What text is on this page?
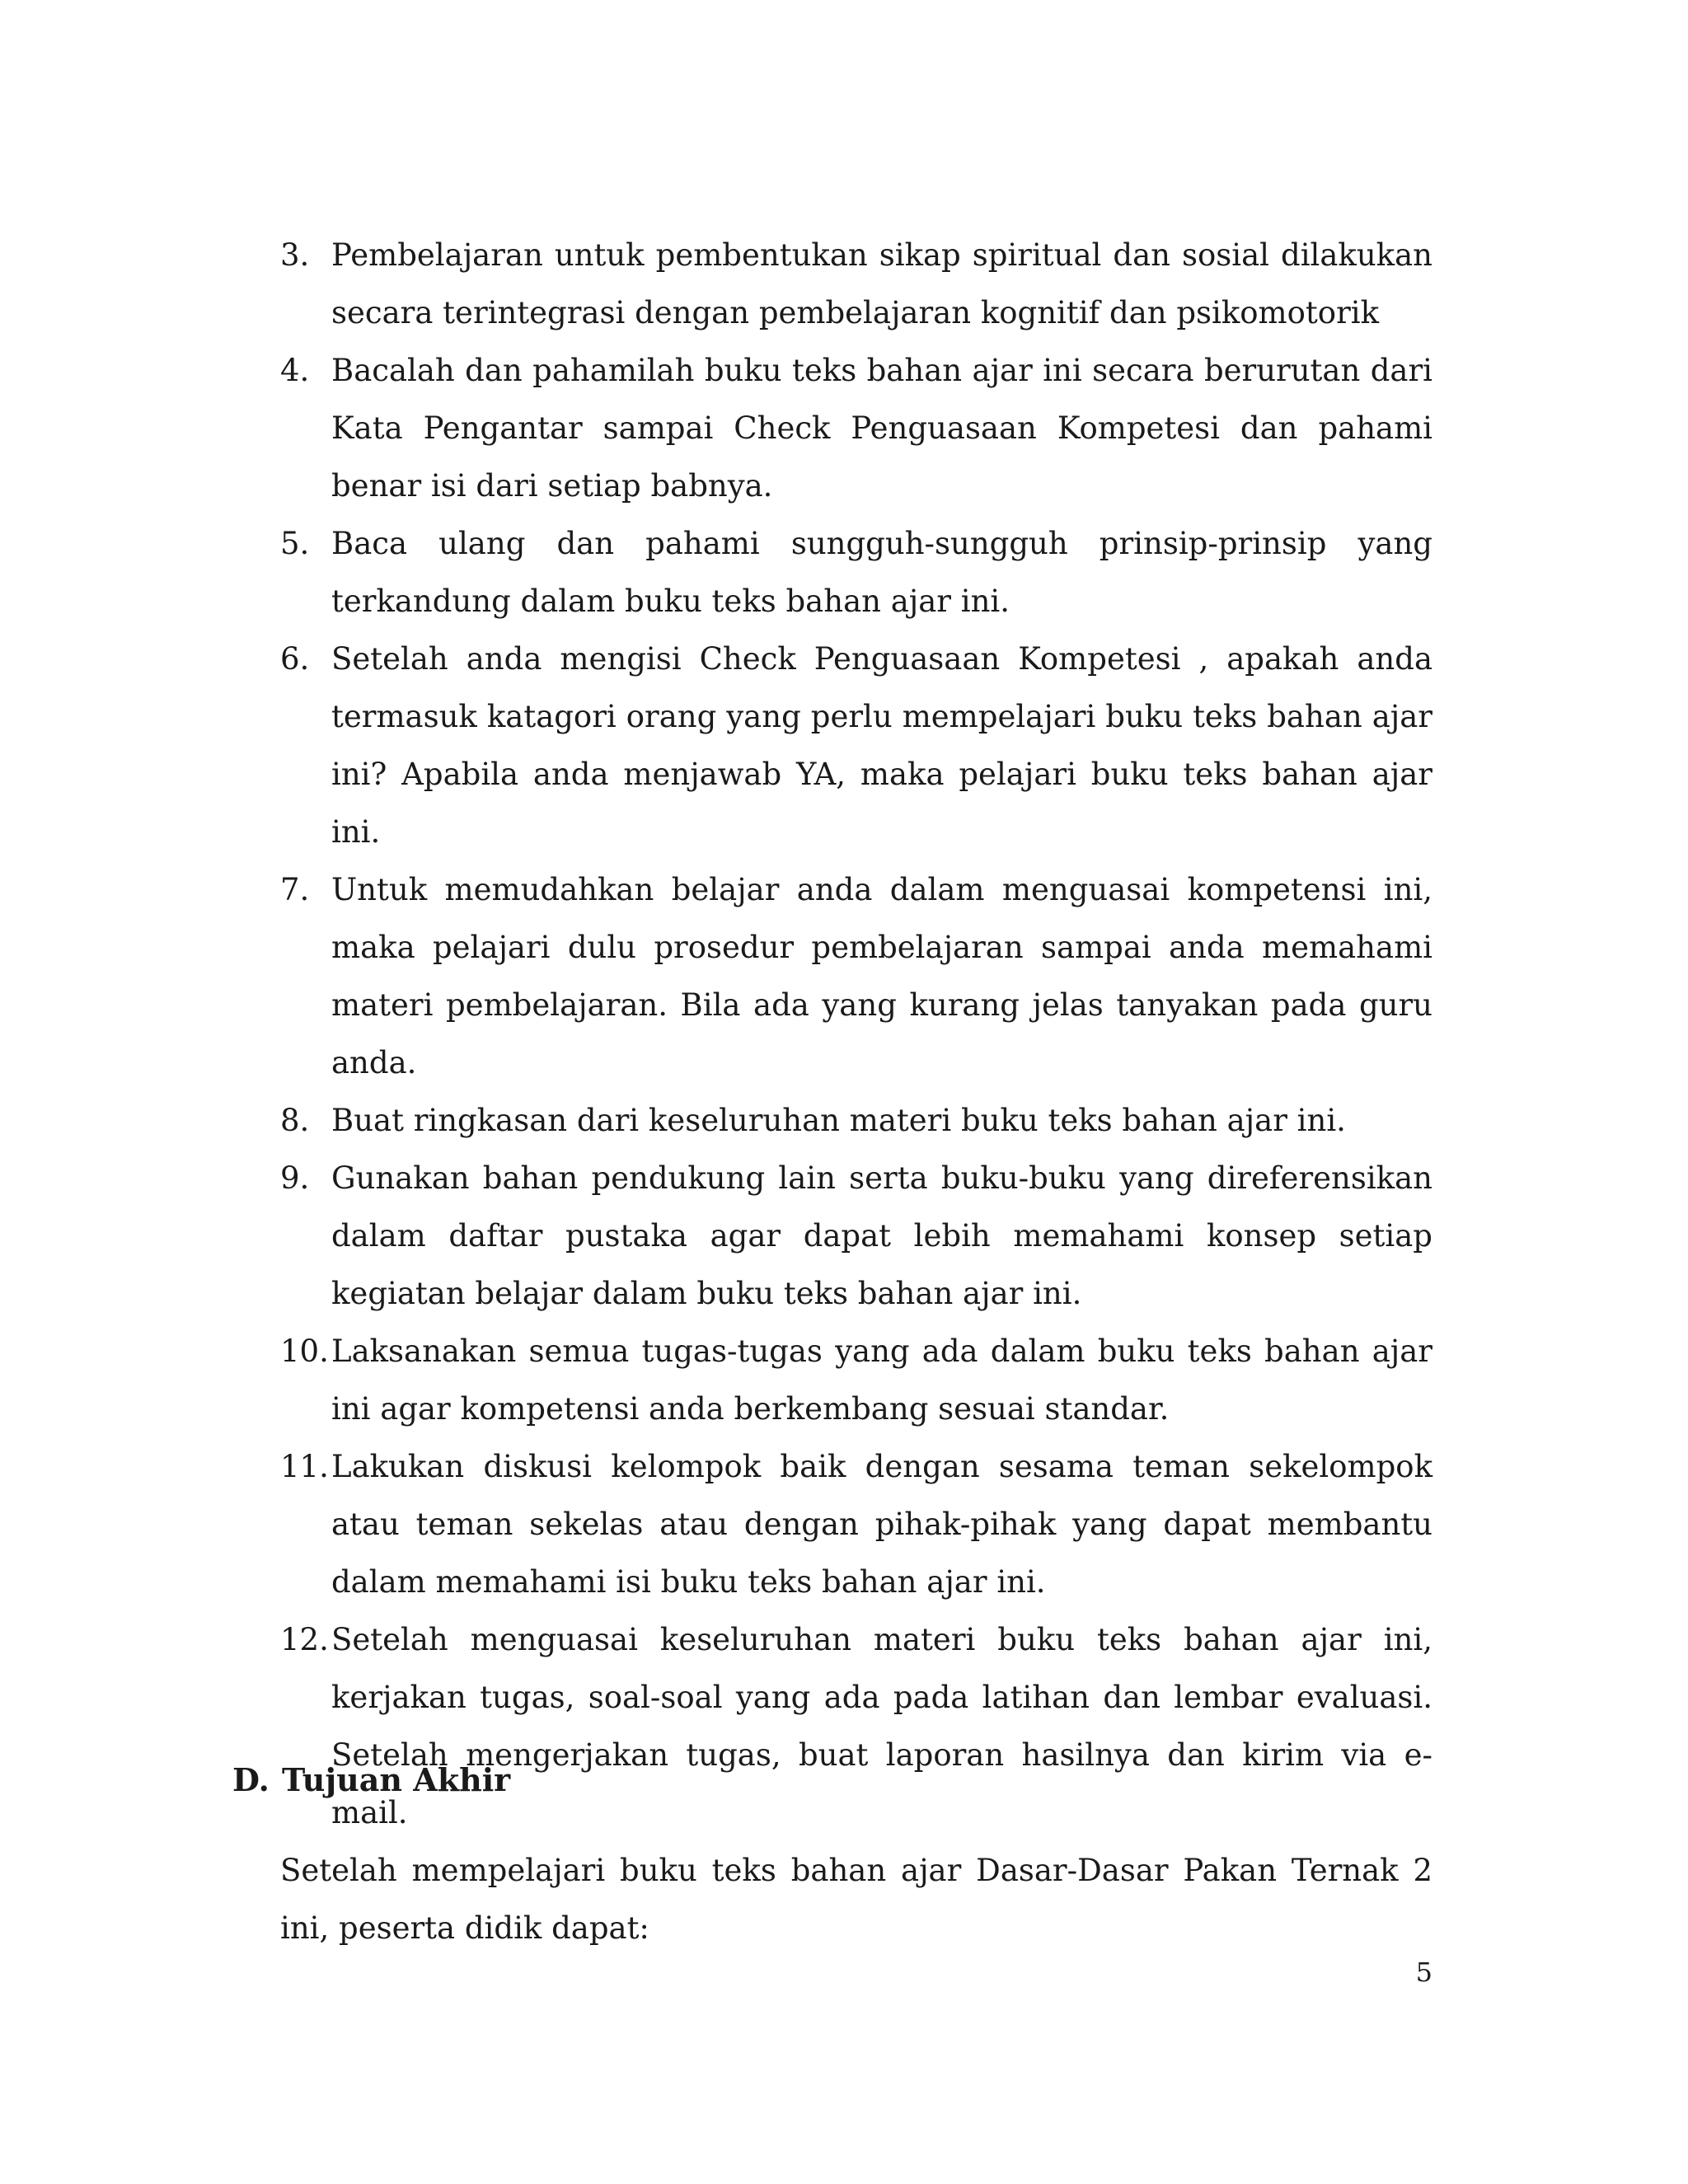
3. Pembelajaran untuk pembentukan sikap spiritual dan sosial dilakukan secara terintegrasi dengan pembelajaran kognitif dan psikomotorik
4. Bacalah dan pahamilah buku teks bahan ajar ini secara berurutan dari Kata Pengantar sampai Check Penguasaan Kompetesi dan pahami benar isi dari setiap babnya.
5. Baca ulang dan pahami sungguh-sungguh prinsip-prinsip yang terkandung dalam buku teks bahan ajar ini.
6. Setelah anda mengisi Check Penguasaan Kompetesi , apakah anda termasuk katagori orang yang perlu mempelajari buku teks bahan ajar ini? Apabila anda menjawab YA, maka pelajari buku teks bahan ajar ini.
7. Untuk memudahkan belajar anda dalam menguasai kompetensi ini, maka pelajari dulu prosedur pembelajaran sampai anda memahami materi pembelajaran. Bila ada yang kurang jelas tanyakan pada guru anda.
8. Buat ringkasan dari keseluruhan materi buku teks bahan ajar ini.
9. Gunakan bahan pendukung lain serta buku-buku yang direferensikan dalam daftar pustaka agar dapat lebih memahami konsep setiap kegiatan belajar dalam buku teks bahan ajar ini.
10. Laksanakan semua tugas-tugas yang ada dalam buku teks bahan ajar ini agar kompetensi anda berkembang sesuai standar.
11. Lakukan diskusi kelompok baik dengan sesama teman sekelompok atau teman sekelas atau dengan pihak-pihak yang dapat membantu dalam memahami isi buku teks bahan ajar ini.
12. Setelah menguasai keseluruhan materi buku teks bahan ajar ini, kerjakan tugas, soal-soal yang ada pada latihan dan lembar evaluasi. Setelah mengerjakan tugas, buat laporan hasilnya dan kirim via e-mail.
D. Tujuan Akhir

Setelah mempelajari buku teks bahan ajar Dasar-Dasar Pakan Ternak 2 ini, peserta didik dapat:

5
